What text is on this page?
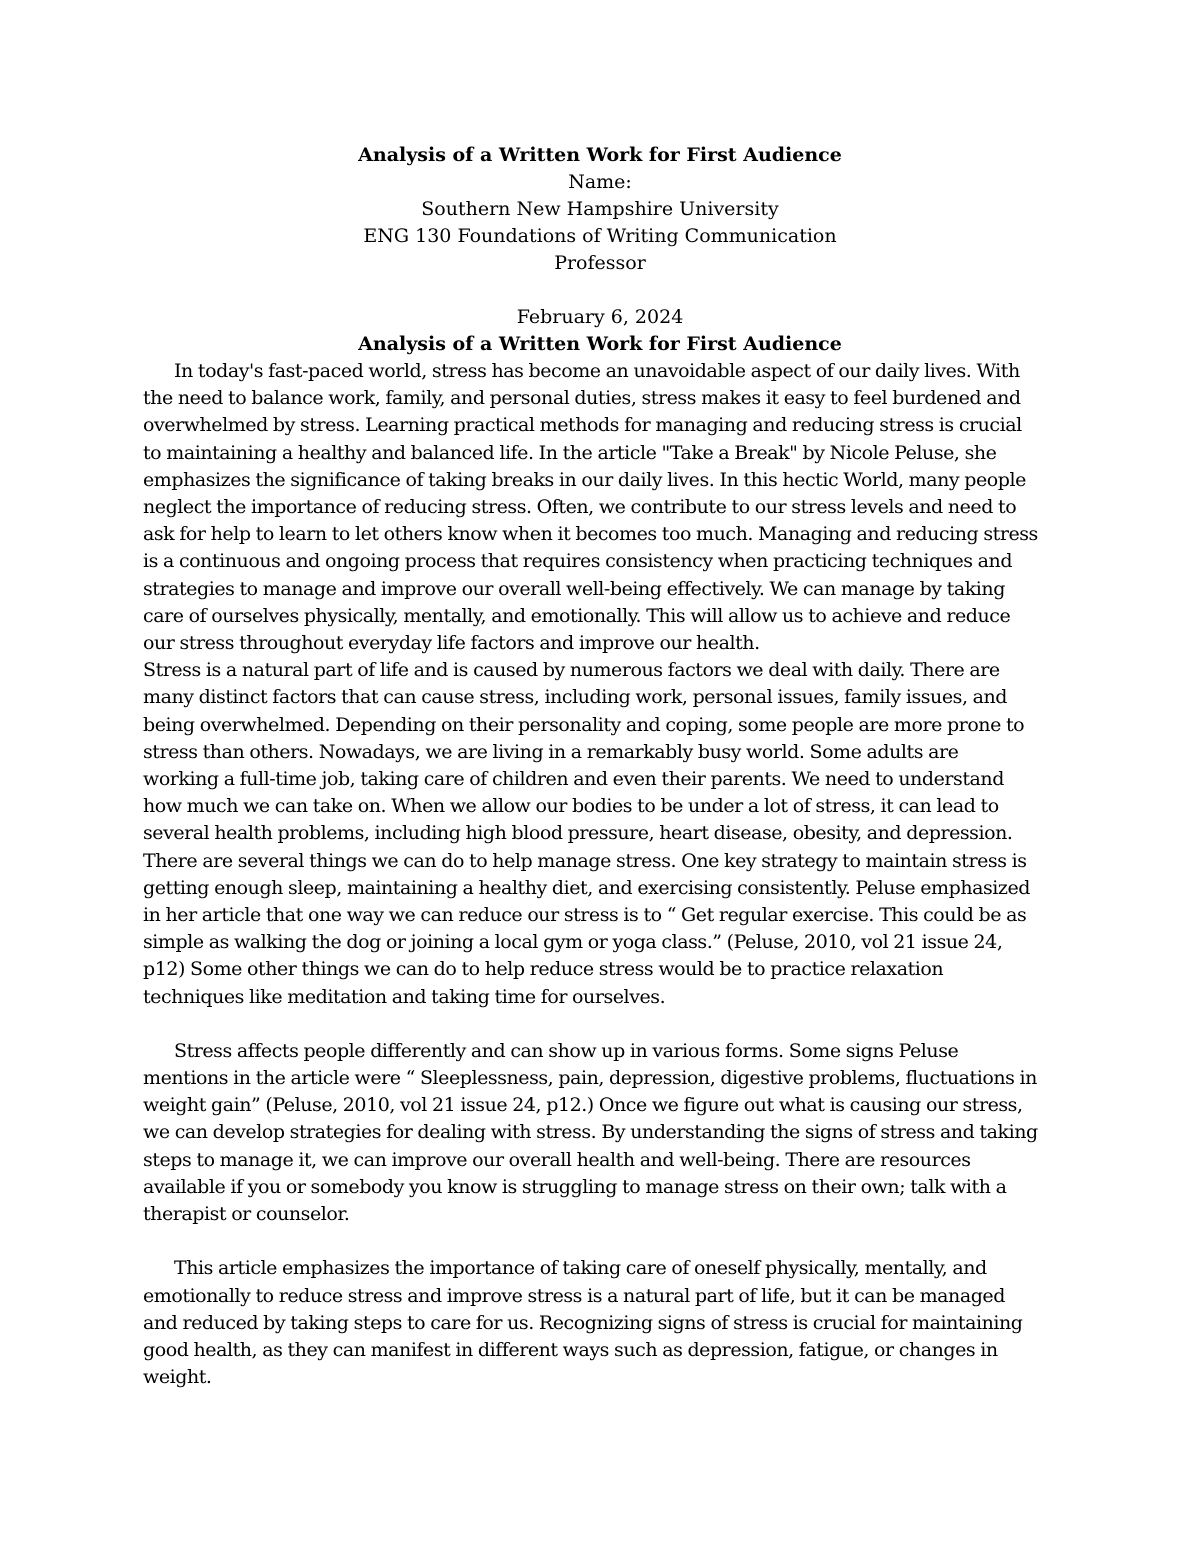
Analysis of a Written Work for First Audience
Name:
Southern New Hampshire University
ENG 130 Foundations of Writing Communication
Professor
February 6, 2024
Analysis of a Written Work for First Audience
In today's fast-paced world, stress has become an unavoidable aspect of our daily lives. With
the need to balance work, family, and personal duties, stress makes it easy to feel burdened and
overwhelmed by stress. Learning practical methods for managing and reducing stress is crucial
to maintaining a healthy and balanced life. In the article "Take a Break" by Nicole Peluse, she
emphasizes the significance of taking breaks in our daily lives. In this hectic World, many people
neglect the importance of reducing stress. Often, we contribute to our stress levels and need to
ask for help to learn to let others know when it becomes too much. Managing and reducing stress
is a continuous and ongoing process that requires consistency when practicing techniques and
strategies to manage and improve our overall well-being effectively. We can manage by taking
care of ourselves physically, mentally, and emotionally. This will allow us to achieve and reduce
our stress throughout everyday life factors and improve our health.
Stress is a natural part of life and is caused by numerous factors we deal with daily. There are
many distinct factors that can cause stress, including work, personal issues, family issues, and
being overwhelmed. Depending on their personality and coping, some people are more prone to
stress than others. Nowadays, we are living in a remarkably busy world. Some adults are
working a full-time job, taking care of children and even their parents. We need to understand
how much we can take on. When we allow our bodies to be under a lot of stress, it can lead to
several health problems, including high blood pressure, heart disease, obesity, and depression.
There are several things we can do to help manage stress. One key strategy to maintain stress is
getting enough sleep, maintaining a healthy diet, and exercising consistently. Peluse emphasized
in her article that one way we can reduce our stress is to “ Get regular exercise. This could be as
simple as walking the dog or joining a local gym or yoga class.” (Peluse, 2010, vol 21 issue 24,
p12) Some other things we can do to help reduce stress would be to practice relaxation
techniques like meditation and taking time for ourselves.
Stress affects people differently and can show up in various forms. Some signs Peluse
mentions in the article were “ Sleeplessness, pain, depression, digestive problems, fluctuations in
weight gain” (Peluse, 2010, vol 21 issue 24, p12.) Once we figure out what is causing our stress,
we can develop strategies for dealing with stress. By understanding the signs of stress and taking
steps to manage it, we can improve our overall health and well-being. There are resources
available if you or somebody you know is struggling to manage stress on their own; talk with a
therapist or counselor.
This article emphasizes the importance of taking care of oneself physically, mentally, and
emotionally to reduce stress and improve stress is a natural part of life, but it can be managed
and reduced by taking steps to care for us. Recognizing signs of stress is crucial for maintaining
good health, as they can manifest in different ways such as depression, fatigue, or changes in
weight.
